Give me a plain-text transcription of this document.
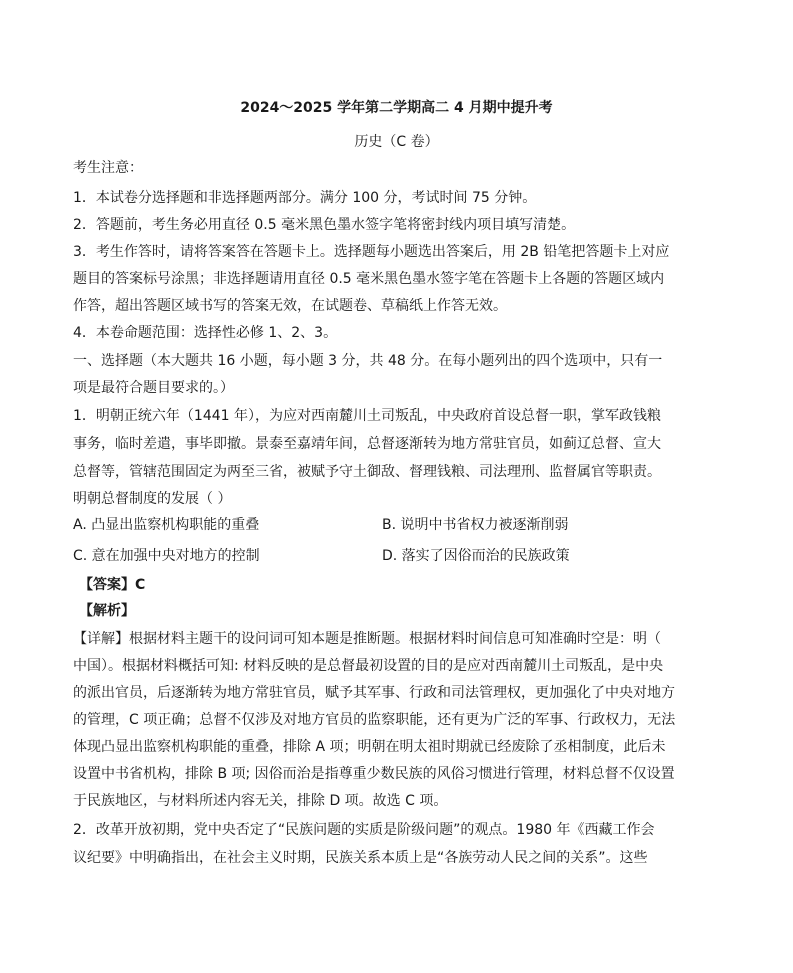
2024～2025 学年第二学期高二 4 月期中提升考
历史（C 卷）
考生注意：
1．本试卷分选择题和非选择题两部分。满分 100 分，考试时间 75 分钟。
2．答题前，考生务必用直径 0.5 毫米黑色墨水签字笔将密封线内项目填写清楚。
3．考生作答时，请将答案答在答题卡上。选择题每小题选出答案后，用 2B 铅笔把答题卡上对应
题目的答案标号涂黑；非选择题请用直径 0.5 毫米黑色墨水签字笔在答题卡上各题的答题区域内
作答，超出答题区域书写的答案无效，在试题卷、草稿纸上作答无效。
4．本卷命题范围：选择性必修 1、2、3。
一、选择题（本大题共 16 小题，每小题 3 分，共 48 分。在每小题列出的四个选项中，只有一
项是最符合题目要求的。）
1．明朝正统六年（1441 年），为应对西南麓川土司叛乱，中央政府首设总督一职，掌军政钱粮
事务，临时差遣，事毕即撤。景泰至嘉靖年间，总督逐渐转为地方常驻官员，如蓟辽总督、宣大
总督等，管辖范围固定为两至三省，被赋予守土御敌、督理钱粮、司法理刑、监督属官等职责。
明朝总督制度的发展（ ）
A. 凸显出监察机构职能的重叠	B. 说明中书省权力被逐渐削弱
C. 意在加强中央对地方的控制	D. 落实了因俗而治的民族政策
【答案】C
【解析】
【详解】根据材料主题干的设问词可知本题是推断题。根据材料时间信息可知准确时空是：明（
中国）。根据材料概括可知: 材料反映的是总督最初设置的目的是应对西南麓川土司叛乱，是中央
的派出官员，后逐渐转为地方常驻官员，赋予其军事、行政和司法管理权，更加强化了中央对地方
的管理，C 项正确；总督不仅涉及对地方官员的监察职能，还有更为广泛的军事、行政权力，无法
体现凸显出监察机构职能的重叠，排除 A 项；明朝在明太祖时期就已经废除了丞相制度，此后未
设置中书省机构，排除 B 项; 因俗而治是指尊重少数民族的风俗习惯进行管理，材料总督不仅设置
于民族地区，与材料所述内容无关，排除 D 项。故选 C 项。
2．改革开放初期，党中央否定了“民族问题的实质是阶级问题”的观点。1980 年《西藏工作会
议纪要》中明确指出，在社会主义时期，民族关系本质上是“各族劳动人民之间的关系”。这些
